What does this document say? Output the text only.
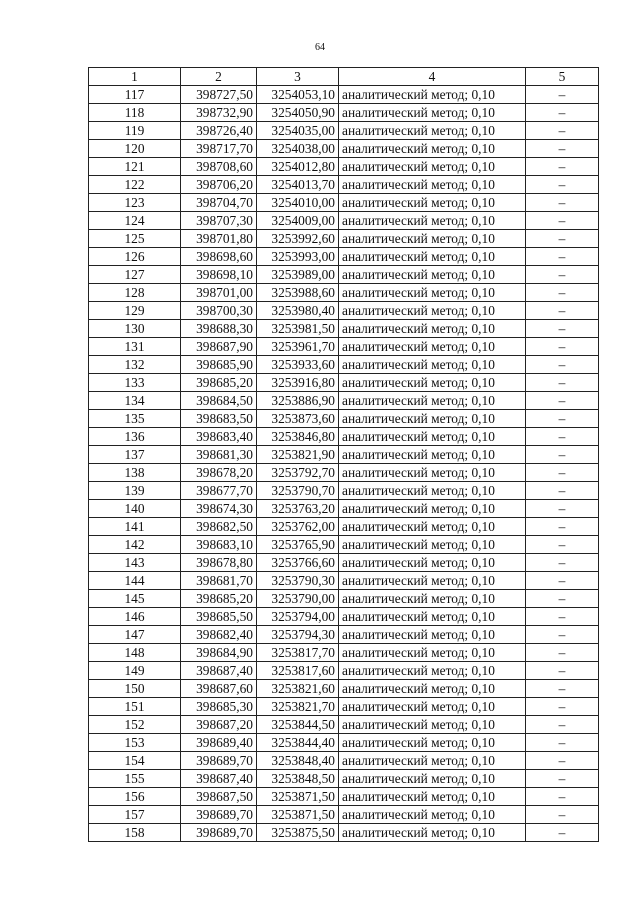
64
1	2	3	4	5
117	398727,50	3254053,10	аналитический метод; 0,10	–
118	398732,90	3254050,90	аналитический метод; 0,10	–
119	398726,40	3254035,00	аналитический метод; 0,10	–
120	398717,70	3254038,00	аналитический метод; 0,10	–
121	398708,60	3254012,80	аналитический метод; 0,10	–
122	398706,20	3254013,70	аналитический метод; 0,10	–
123	398704,70	3254010,00	аналитический метод; 0,10	–
124	398707,30	3254009,00	аналитический метод; 0,10	–
125	398701,80	3253992,60	аналитический метод; 0,10	–
126	398698,60	3253993,00	аналитический метод; 0,10	–
127	398698,10	3253989,00	аналитический метод; 0,10	–
128	398701,00	3253988,60	аналитический метод; 0,10	–
129	398700,30	3253980,40	аналитический метод; 0,10	–
130	398688,30	3253981,50	аналитический метод; 0,10	–
131	398687,90	3253961,70	аналитический метод; 0,10	–
132	398685,90	3253933,60	аналитический метод; 0,10	–
133	398685,20	3253916,80	аналитический метод; 0,10	–
134	398684,50	3253886,90	аналитический метод; 0,10	–
135	398683,50	3253873,60	аналитический метод; 0,10	–
136	398683,40	3253846,80	аналитический метод; 0,10	–
137	398681,30	3253821,90	аналитический метод; 0,10	–
138	398678,20	3253792,70	аналитический метод; 0,10	–
139	398677,70	3253790,70	аналитический метод; 0,10	–
140	398674,30	3253763,20	аналитический метод; 0,10	–
141	398682,50	3253762,00	аналитический метод; 0,10	–
142	398683,10	3253765,90	аналитический метод; 0,10	–
143	398678,80	3253766,60	аналитический метод; 0,10	–
144	398681,70	3253790,30	аналитический метод; 0,10	–
145	398685,20	3253790,00	аналитический метод; 0,10	–
146	398685,50	3253794,00	аналитический метод; 0,10	–
147	398682,40	3253794,30	аналитический метод; 0,10	–
148	398684,90	3253817,70	аналитический метод; 0,10	–
149	398687,40	3253817,60	аналитический метод; 0,10	–
150	398687,60	3253821,60	аналитический метод; 0,10	–
151	398685,30	3253821,70	аналитический метод; 0,10	–
152	398687,20	3253844,50	аналитический метод; 0,10	–
153	398689,40	3253844,40	аналитический метод; 0,10	–
154	398689,70	3253848,40	аналитический метод; 0,10	–
155	398687,40	3253848,50	аналитический метод; 0,10	–
156	398687,50	3253871,50	аналитический метод; 0,10	–
157	398689,70	3253871,50	аналитический метод; 0,10	–
158	398689,70	3253875,50	аналитический метод; 0,10	–
